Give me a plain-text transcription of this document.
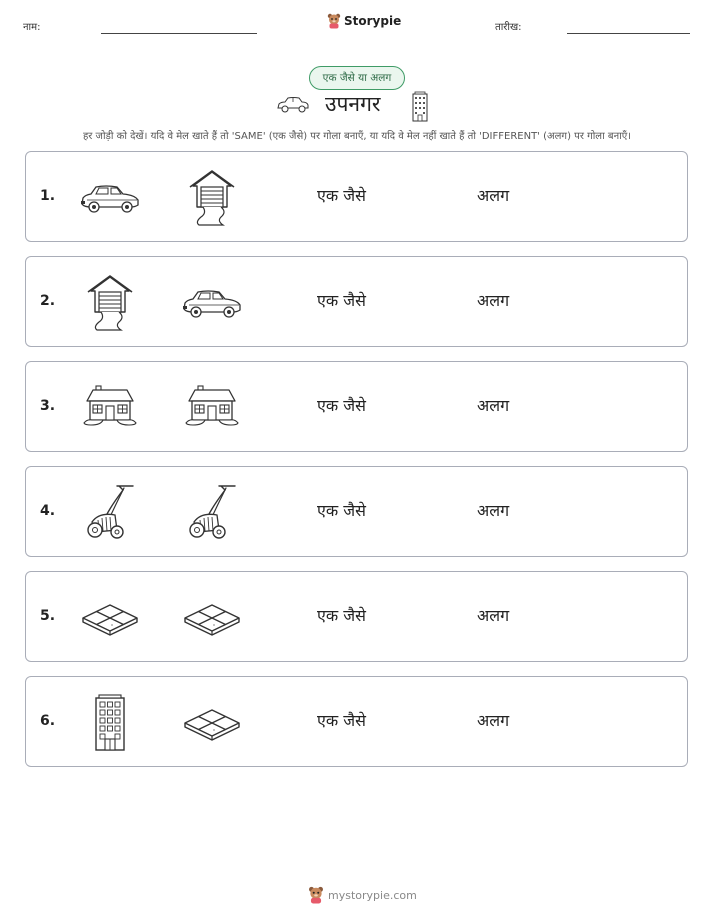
नाम:	Storypie	तारीख:
एक जैसे या अलग
उपनगर
हर जोड़ी को देखें। यदि वे मेल खाते हैं तो 'SAME' (एक जैसे) पर गोला बनाएँ, या यदि वे मेल नहीं खाते हैं तो 'DIFFERENT' (अलग) पर गोला बनाएँ।
1.	एक जैसे	अलग
2.	एक जैसे	अलग
3.	एक जैसे	अलग
4.	एक जैसे	अलग
5.	एक जैसे	अलग
6.	एक जैसे	अलग
mystorypie.com
